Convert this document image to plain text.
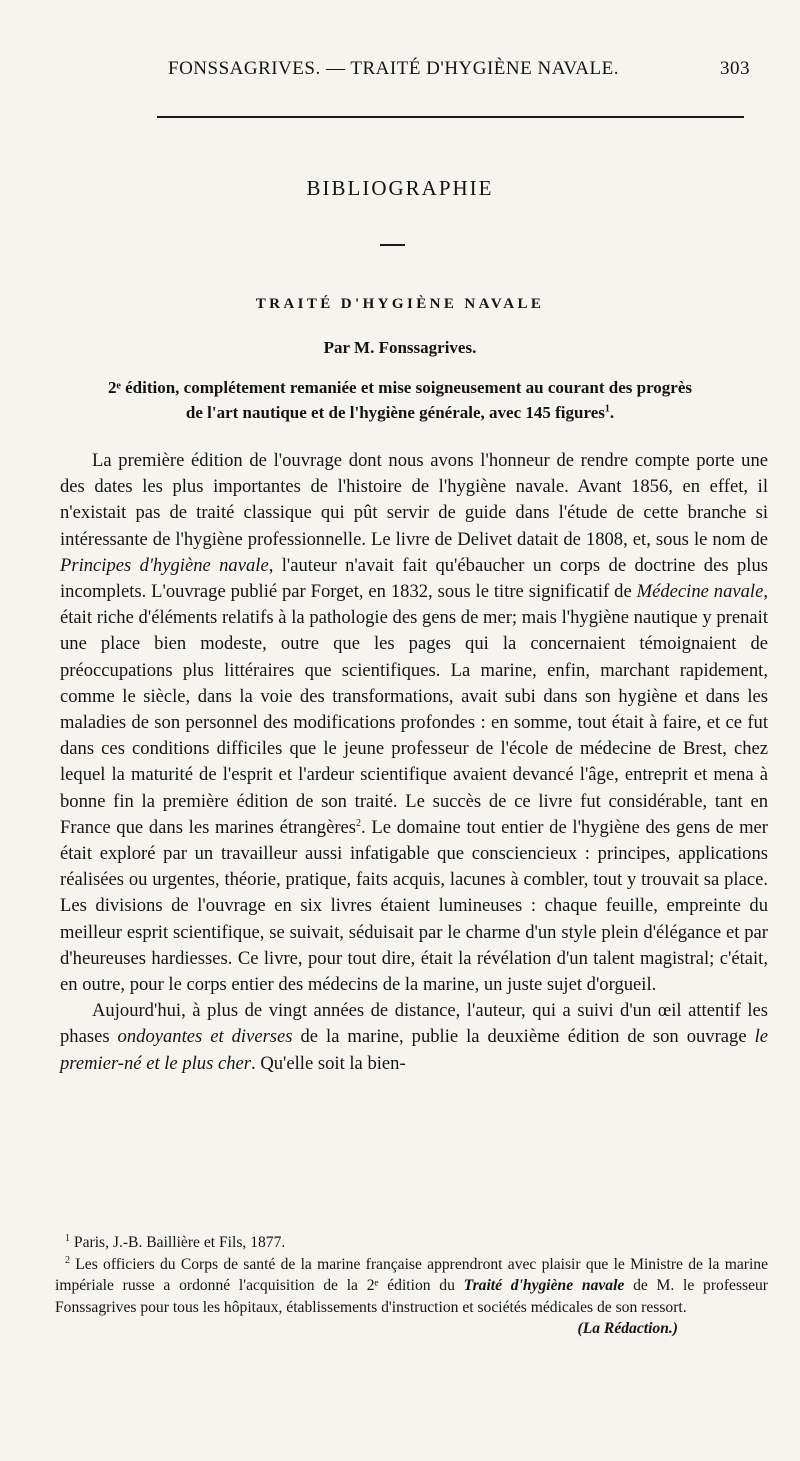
FONSSAGRIVES. — TRAITÉ D'HYGIÈNE NAVALE.	303
BIBLIOGRAPHIE
TRAITÉ D'HYGIÈNE NAVALE
Par M. Fonssagrives.
2ᵉ édition, complétement remaniée et mise soigneusement au courant des progrès de l'art nautique et de l'hygiène générale, avec 145 figures$^1$.

La première édition de l'ouvrage dont nous avons l'honneur de rendre compte porte une des dates les plus importantes de l'histoire de l'hygiène navale. Avant 1856, en effet, il n'existait pas de traité classique qui pût servir de guide dans l'étude de cette branche si intéressante de l'hygiène professionnelle. Le livre de Delivet datait de 1808, et, sous le nom de Principes d'hygiène navale, l'auteur n'avait fait qu'ébaucher un corps de doctrine des plus incomplets. L'ouvrage publié par Forget, en 1832, sous le titre significatif de Médecine navale, était riche d'éléments relatifs à la pathologie des gens de mer; mais l'hygiène nautique y prenait une place bien modeste, outre que les pages qui la concernaient témoignaient de préoccupations plus littéraires que scientifiques. La marine, enfin, marchant rapidement, comme le siècle, dans la voie des transformations, avait subi dans son hygiène et dans les maladies de son personnel des modifications profondes : en somme, tout était à faire, et ce fut dans ces conditions difficiles que le jeune professeur de l'école de médecine de Brest, chez lequel la maturité de l'esprit et l'ardeur scientifique avaient devancé l'âge, entreprit et mena à bonne fin la première édition de son traité. Le succès de ce livre fut considérable, tant en France que dans les marines étrangères$^2$. Le domaine tout entier de l'hygiène des gens de mer était exploré par un travailleur aussi infatigable que consciencieux : principes, applications réalisées ou urgentes, théorie, pratique, faits acquis, lacunes à combler, tout y trouvait sa place. Les divisions de l'ouvrage en six livres étaient lumineuses : chaque feuille, empreinte du meilleur esprit scientifique, se suivait, séduisait par le charme d'un style plein d'élégance et par d'heureuses hardiesses. Ce livre, pour tout dire, était la révélation d'un talent magistral; c'était, en outre, pour le corps entier des médecins de la marine, un juste sujet d'orgueil.

Aujourd'hui, à plus de vingt années de distance, l'auteur, qui a suivi d'un œil attentif les phases ondoyantes et diverses de la marine, publie la deuxième édition de son ouvrage le premier-né et le plus cher. Qu'elle soit la bien-

$^1$ Paris, J.-B. Baillière et Fils, 1877.

$^2$ Les officiers du Corps de santé de la marine française apprendront avec plaisir que le Ministre de la marine impériale russe a ordonné l'acquisition de la 2ᵉ édition du Traité d'hygiène navale de M. le professeur Fonssagrives pour tous les hôpitaux, établissements d'instruction et sociétés médicales de son ressort.

(La Rédaction.)
